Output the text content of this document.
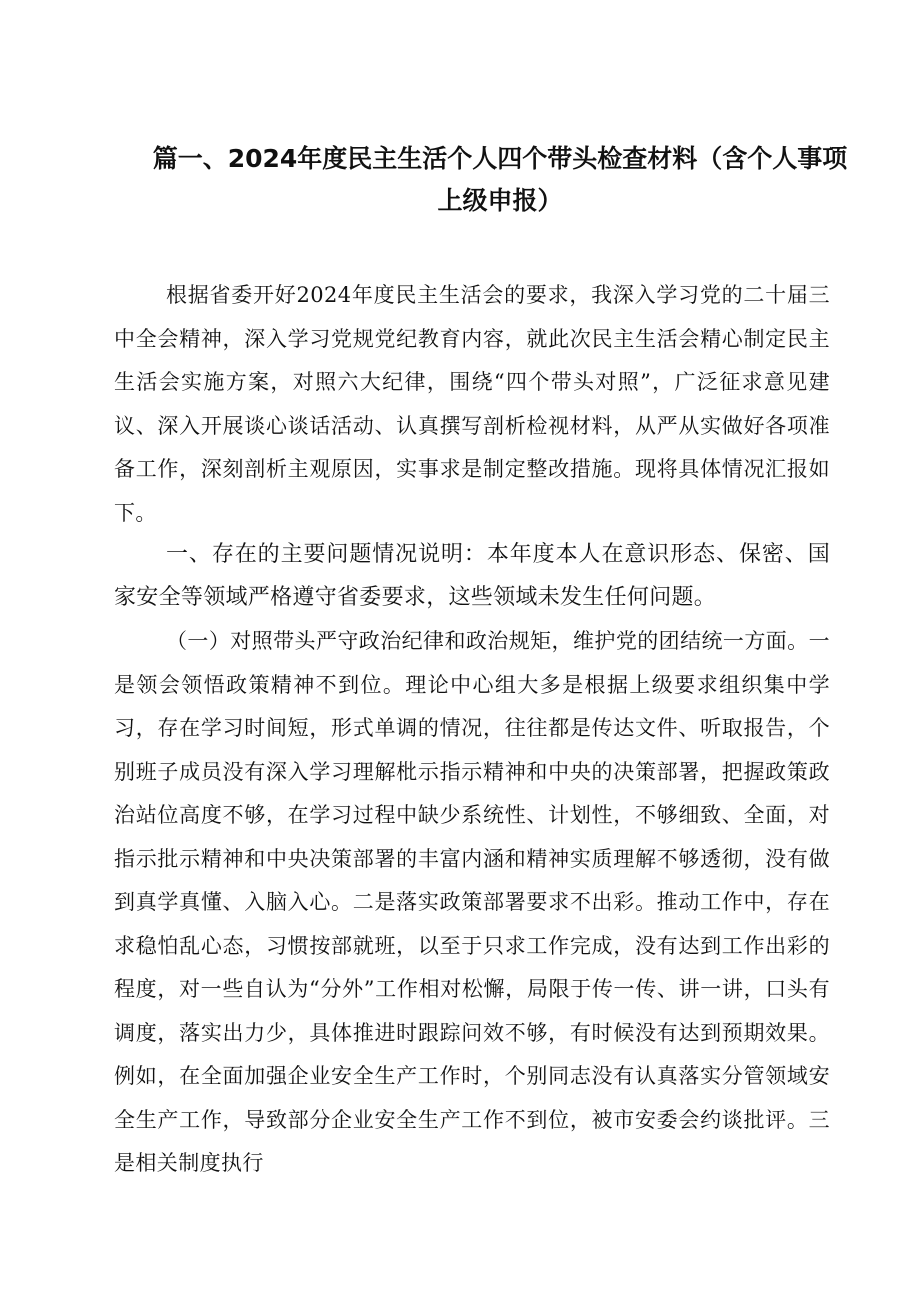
篇一、2024年度民主生活个人四个带头检查材料（含个人事项上级申报）

根据省委开好2024年度民主生活会的要求，我深入学习党的二十届三中全会精神，深入学习党规党纪教育内容，就此次民主生活会精心制定民主生活会实施方案，对照六大纪律，围绕“四个带头对照”，广泛征求意见建议、深入开展谈心谈话活动、认真撰写剖析检视材料，从严从实做好各项准备工作，深刻剖析主观原因，实事求是制定整改措施。现将具体情况汇报如下。

一、存在的主要问题情况说明：本年度本人在意识形态、保密、国家安全等领域严格遵守省委要求，这些领域未发生任何问题。

（一）对照带头严守政治纪律和政治规矩，维护党的团结统一方面。一是领会领悟政策精神不到位。理论中心组大多是根据上级要求组织集中学习，存在学习时间短，形式单调的情况，往往都是传达文件、听取报告，个别班子成员没有深入学习理解枇示指示精神和中央的决策部署，把握政策政治站位高度不够，在学习过程中缺少系统性、计划性，不够细致、全面，对指示批示精神和中央决策部署的丰富内涵和精神实质理解不够透彻，没有做到真学真懂、入脑入心。二是落实政策部署要求不出彩。推动工作中，存在求稳怕乱心态，习惯按部就班，以至于只求工作完成，没有达到工作出彩的程度，对一些自认为“分外”工作相对松懈，局限于传一传、讲一讲，口头有调度，落实出力少，具体推进时跟踪问效不够，有时候没有达到预期效果。例如，在全面加强企业安全生产工作时，个别同志没有认真落实分管领域安全生产工作，导致部分企业安全生产工作不到位，被市安委会约谈批评。三是相关制度执行
